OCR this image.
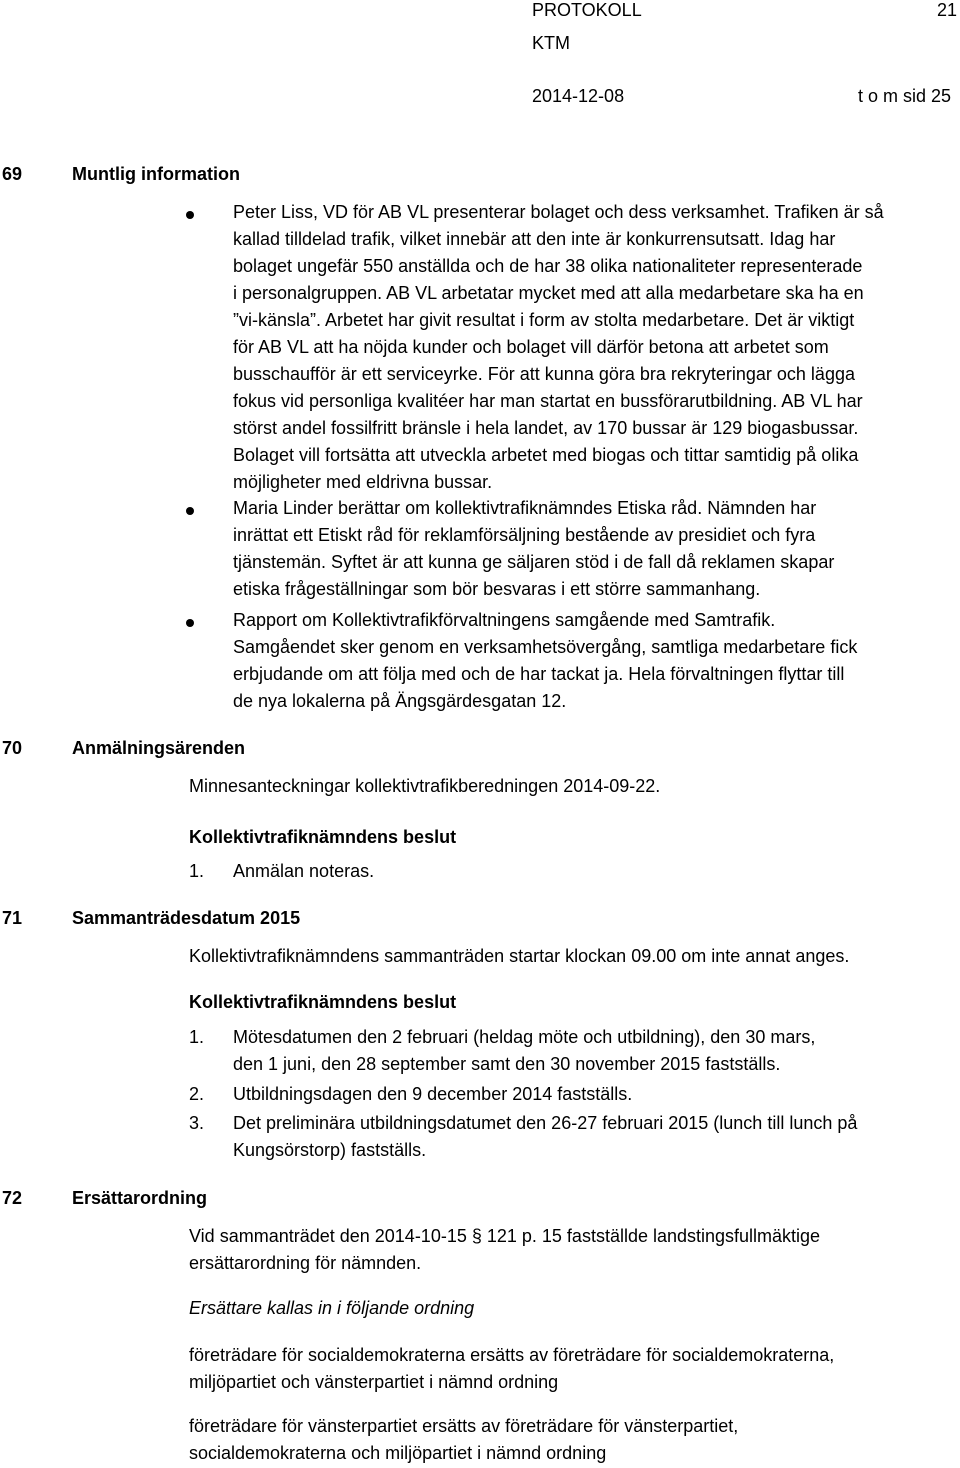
PROTOKOLL	21
KTM
2014-12-08	t o m sid 25
69	Muntlig information
70	Anmälningsärenden
71	Sammanträdesdatum 2015
72	Ersättarordning
Peter Liss, VD för AB VL presenterar bolaget och dess verksamhet. Trafiken är så
kallad tilldelad trafik, vilket innebär att den inte är konkurrensutsatt. Idag har
bolaget ungefär 550 anställda och de har 38 olika nationaliteter representerade
i personalgruppen. AB VL arbetatar mycket med att alla medarbetare ska ha en
”vi-känsla”. Arbetet har givit resultat i form av stolta medarbetare. Det är viktigt
för AB VL att ha nöjda kunder och bolaget vill därför betona att arbetet som
busschaufför är ett serviceyrke. För att kunna göra bra rekryteringar och lägga
fokus vid personliga kvalitéer har man startat en bussförarutbildning. AB VL har
störst andel fossilfritt bränsle i hela landet, av 170 bussar är 129 biogasbussar.
Bolaget vill fortsätta att utveckla arbetet med biogas och tittar samtidig på olika
möjligheter med eldrivna bussar.
Maria Linder berättar om kollektivtrafiknämndes Etiska råd. Nämnden har
inrättat ett Etiskt råd för reklamförsäljning bestående av presidiet och fyra
tjänstemän. Syftet är att kunna ge säljaren stöd i de fall då reklamen skapar
etiska frågeställningar som bör besvaras i ett större sammanhang.
Rapport om Kollektivtrafikförvaltningens samgående med Samtrafik.
Samgåendet sker genom en verksamhetsövergång, samtliga medarbetare fick
erbjudande om att följa med och de har tackat ja. Hela förvaltningen flyttar till
de nya lokalerna på Ängsgärdesgatan 12.
Minnesanteckningar kollektivtrafikberedningen 2014-09-22.
Kollektivtrafiknämndens beslut
1. Anmälan noteras.
Kollektivtrafiknämndens sammanträden startar klockan 09.00 om inte annat anges.
Kollektivtrafiknämndens beslut
1. Mötesdatumen den 2 februari (heldag möte och utbildning), den 30 mars,
den 1 juni, den 28 september samt den 30 november 2015 fastställs.
2. Utbildningsdagen den 9 december 2014 fastställs.
3. Det preliminära utbildningsdatumet den 26-27 februari 2015 (lunch till lunch på
Kungsörstorp) fastställs.
Vid sammanträdet den 2014-10-15 § 121 p. 15 fastställde landstingsfullmäktige
ersättarordning för nämnden.
Ersättare kallas in i följande ordning
företrädare för socialdemokraterna ersätts av företrädare för socialdemokraterna,
miljöpartiet och vänsterpartiet i nämnd ordning
företrädare för vänsterpartiet ersätts av företrädare för vänsterpartiet,
socialdemokraterna och miljöpartiet i nämnd ordning
